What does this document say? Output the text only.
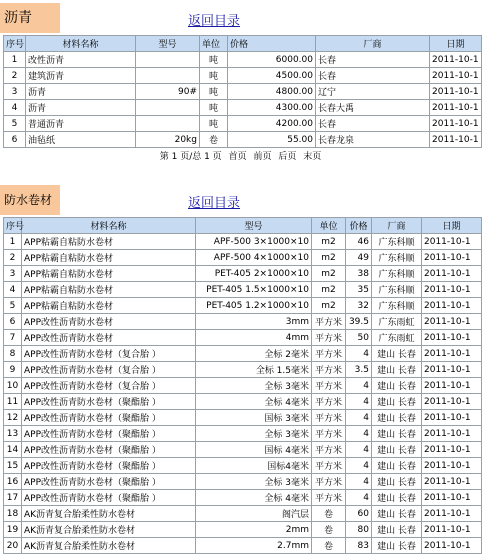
沥青	返回目录
序号	材料名称	型号	单位	价格	厂商	日期
1	改性沥青		吨	6000.00	长春	2011-10-1
2	建筑沥青		吨	4500.00	长春	2011-10-1
3	沥青	90#	吨	4800.00	辽宁	2011-10-1
4	沥青		吨	4300.00	长春大禹	2011-10-1
5	普通沥青		吨	4200.00	长春	2011-10-1
6	油毡纸	20kg	卷	55.00	长春龙泉	2011-10-1
第 1 页/总 1 页 首页 前页 后页 末页
防水卷材	返回目录
序号	材料名称	型号	单位	价格	厂商	日期
1	APP粘霸自粘防水卷材	APF-500 3×1000×10	m2	46	广东科顺	2011-10-1
2	APP粘霸自粘防水卷材	APF-500 4×1000×10	m2	49	广东科顺	2011-10-1
3	APP粘霸自粘防水卷材	PET-405 2×1000×10	m2	38	广东科顺	2011-10-1
4	APP粘霸自粘防水卷材	PET-405 1.5×1000×10	m2	35	广东科顺	2011-10-1
5	APP粘霸自粘防水卷材	PET-405 1.2×1000×10	m2	32	广东科顺	2011-10-1
6	APP改性沥青防水卷材	3mm	平方米	39.5	广东雨虹	2011-10-1
7	APP改性沥青防水卷材	4mm	平方米	50	广东雨虹	2011-10-1
8	APP改性沥青防水卷材（复合胎 ）	全标 2毫米	平方米	4	建山 长春	2011-10-1
9	APP改性沥青防水卷材（复合胎 ）	全标 1.5毫米	平方米	3.5	建山 长春	2011-10-1
10	APP改性沥青防水卷材（复合胎 ）	全标 3毫米	平方米	4	建山 长春	2011-10-1
11	APP改性沥青防水卷材（聚酯胎 ）	全标 4毫米	平方米	4	建山 长春	2011-10-1
12	APP改性沥青防水卷材（聚酯胎 ）	国标 3毫米	平方米	4	建山 长春	2011-10-1
13	APP改性沥青防水卷材（聚酯胎 ）	全标 3毫米	平方米	4	建山 长春	2011-10-1
14	APP改性沥青防水卷材（聚酯胎 ）	国标 4毫米	平方米	4	建山 长春	2011-10-1
15	APP改性沥青防水卷材（聚酯胎 ）	国标4毫米	平方米	4	建山 长春	2011-10-1
16	APP改性沥青防水卷材（聚酯胎 ）	全标 3毫米	平方米	4	建山 长春	2011-10-1
17	APP改性沥青防水卷材（聚酯胎 ）	全标 4毫米	平方米	4	建山 长春	2011-10-1
18	AK沥青复合胎柔性防水卷材	阁汽层	卷	60	建山 长春	2011-10-1
19	AK沥青复合胎柔性防水卷材	2mm	卷	80	建山 长春	2011-10-1
20	AK沥青复合胎柔性防水卷材	2.7mm	卷	83	建山 长春	2011-10-1
